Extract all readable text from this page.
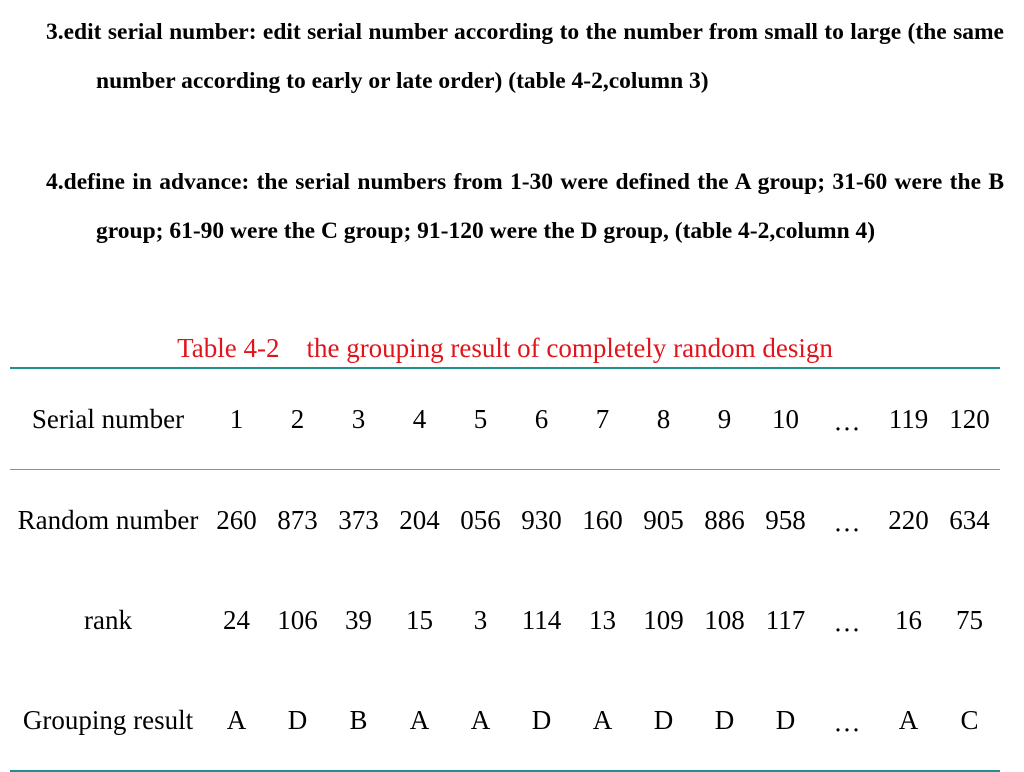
3.edit serial number: edit serial number according to the number from small to large (the same number according to early or late order) (table 4-2,column 3)

4.define in advance: the serial numbers from 1-30 were defined the A group; 31-60 were the B group; 61-90 were the C group; 91-120 were the D group, (table 4-2,column 4)

Table 4-2    the grouping result of completely random design
Serial number	1	2	3	4	5	6	7	8	9	10	···	119	120
Random number	260	873	373	204	056	930	160	905	886	958	···	220	634
rank	24	106	39	15	3	114	13	109	108	117	···	16	75
Grouping result	A	D	B	A	A	D	A	D	D	D	···	A	C
